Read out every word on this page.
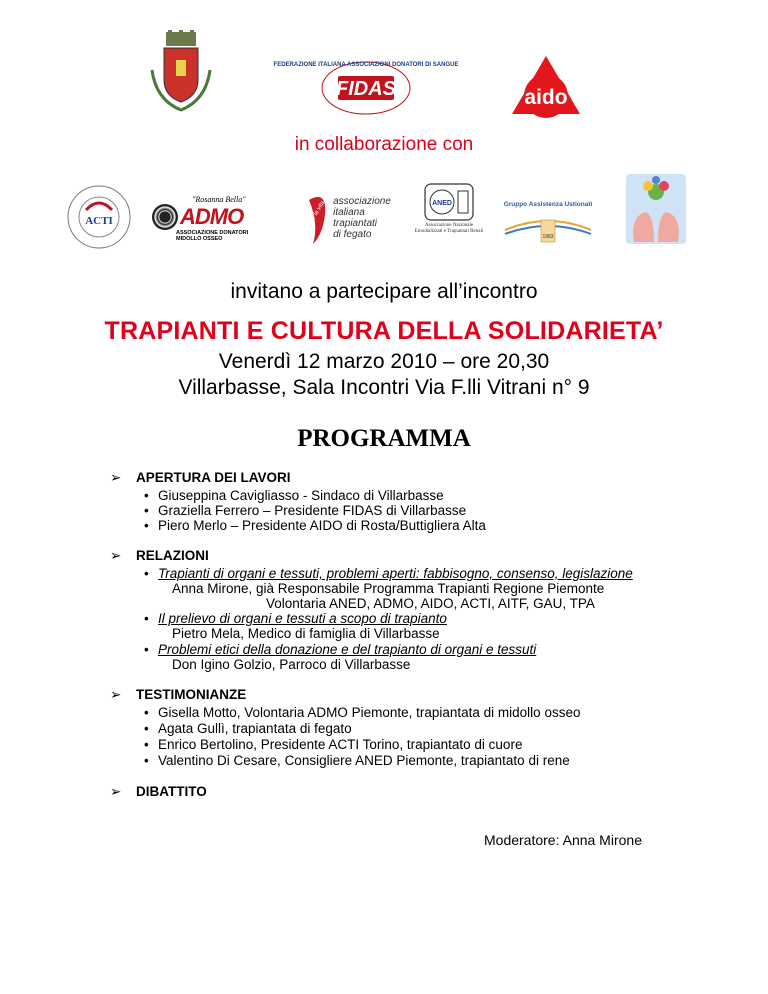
FEDERAZIONE ITALIANA ASSOCIAZIONI DONATORI DI SANGUE
FIDAS	aido
in collaborazione con
ACTI
"Rosanna Bella"
ADMO
ASSOCIAZIONE DONATORI
MIDOLLO OSSEO
per la vita associazione
italiana
trapiantati
di fegato
ANED
Associazione Nazionale Emodializzati e Trapiantati Renali
Gruppo Assistenza Ustionati
1983
invitano a partecipare all’incontro
TRAPIANTI E CULTURA DELLA SOLIDARIETA’
Venerdì 12 marzo 2010 – ore 20,30
Villarbasse, Sala Incontri Via F.lli Vitrani n° 9
PROGRAMMA
➢ APERTURA DEI LAVORI
• Giuseppina Cavigliasso - Sindaco di Villarbasse
• Graziella Ferrero – Presidente FIDAS di Villarbasse
• Piero Merlo – Presidente AIDO di Rosta/Buttigliera Alta
➢ RELAZIONI
• Trapianti di organi e tessuti, problemi aperti: fabbisogno, consenso, legislazione
Anna Mirone, già Responsabile Programma Trapianti Regione Piemonte
Volontaria ANED, ADMO, AIDO, ACTI, AITF, GAU, TPA
• Il prelievo di organi e tessuti a scopo di trapianto
Pietro Mela, Medico di famiglia di Villarbasse
• Problemi etici della donazione e del trapianto di organi e tessuti
Don Igino Golzio, Parroco di Villarbasse
➢ TESTIMONIANZE
• Gisella Motto, Volontaria ADMO Piemonte, trapiantata di midollo osseo
• Agata Gullì, trapiantata di fegato
• Enrico Bertolino, Presidente ACTI Torino, trapiantato di cuore
• Valentino Di Cesare, Consigliere ANED Piemonte, trapiantato di rene
➢ DIBATTITO
Moderatore: Anna Mirone
